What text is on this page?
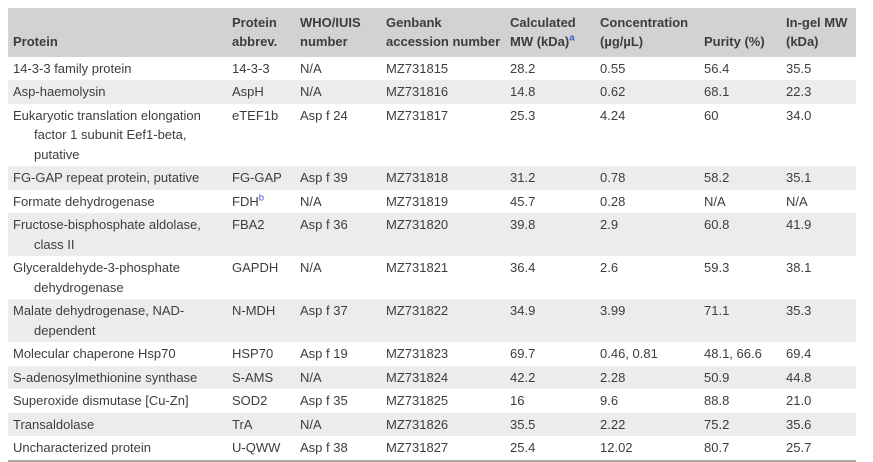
Protein	Protein abbrev.	WHO/IUIS number	Genbank accession number	Calculated MW (kDa)$^a$	Concentration (µg/µL)	Purity (%)	In-gel MW (kDa)
14-3-3 family protein	14-3-3	N/A	MZ731815	28.2	0.55	56.4	35.5
Asp-haemolysin	AspH	N/A	MZ731816	14.8	0.62	68.1	22.3
Eukaryotic translation elongation factor 1 subunit Eef1-beta, putative	eTEF1b	Asp f 24	MZ731817	25.3	4.24	60	34.0
FG-GAP repeat protein, putative	FG-GAP	Asp f 39	MZ731818	31.2	0.78	58.2	35.1
Formate dehydrogenase	FDH$^b$	N/A	MZ731819	45.7	0.28	N/A	N/A
Fructose-bisphosphate aldolase, class II	FBA2	Asp f 36	MZ731820	39.8	2.9	60.8	41.9
Glyceraldehyde-3-phosphate dehydrogenase	GAPDH	N/A	MZ731821	36.4	2.6	59.3	38.1
Malate dehydrogenase, NAD-dependent	N-MDH	Asp f 37	MZ731822	34.9	3.99	71.1	35.3
Molecular chaperone Hsp70	HSP70	Asp f 19	MZ731823	69.7	0.46, 0.81	48.1, 66.6	69.4
S-adenosylmethionine synthase	S-AMS	N/A	MZ731824	42.2	2.28	50.9	44.8
Superoxide dismutase [Cu-Zn]	SOD2	Asp f 35	MZ731825	16	9.6	88.8	21.0
Transaldolase	TrA	N/A	MZ731826	35.5	2.22	75.2	35.6
Uncharacterized protein	U-QWW	Asp f 38	MZ731827	25.4	12.02	80.7	25.7
